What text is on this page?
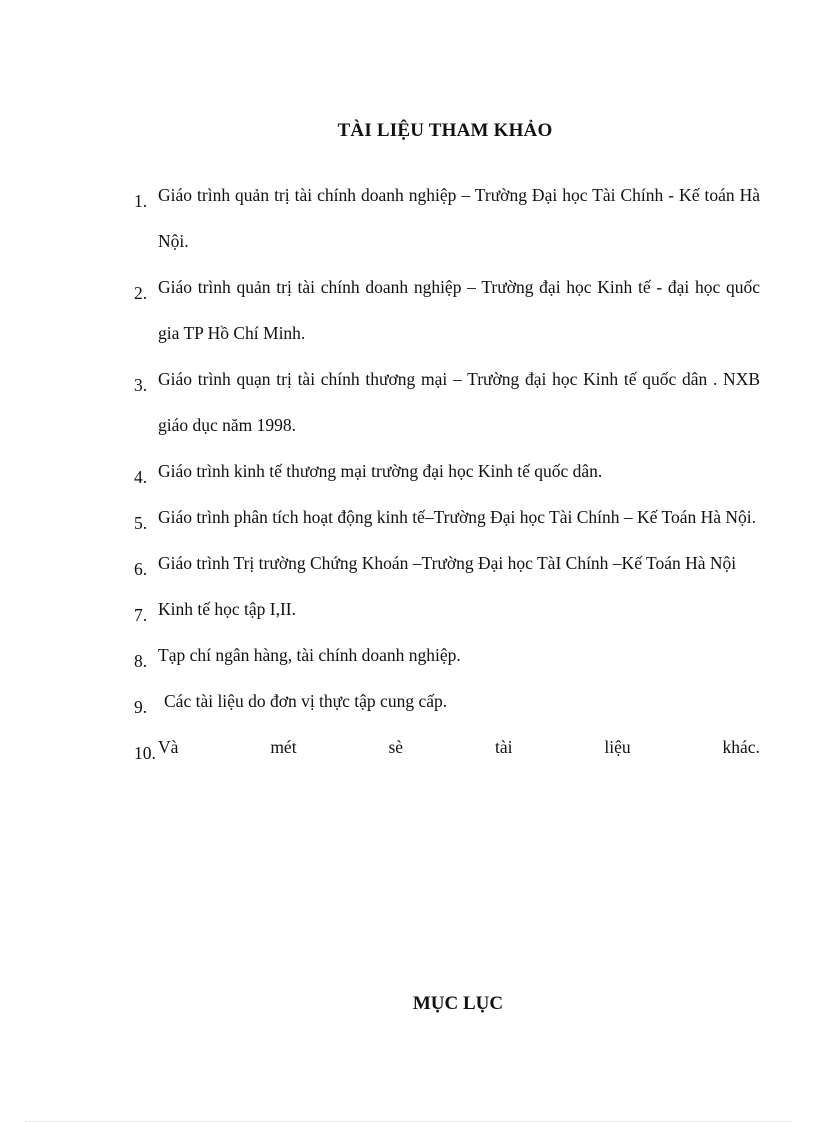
TÀI LIỆU THAM KHẢO
1. Giáo trình quản trị tài chính doanh nghiệp – Trường Đại học Tài Chính - Kế toán Hà Nội.
2. Giáo trình quản trị tài chính doanh nghiệp – Trường đại học Kinh tế - đại học quốc gia TP Hồ Chí Minh.
3. Giáo trình quạn trị tài chính thương mại – Trường đại học Kinh tế quốc dân . NXB giáo dục năm 1998.
4. Giáo trình kinh tế thương mại trường đại học Kinh tế quốc dân.
5. Giáo trình phân tích hoạt động kinh tế–Trường Đại học Tài Chính – Kế Toán Hà Nội.
6. Giáo trình Trị trường Chứng Khoán –Trường Đại học TàI Chính –Kế Toán Hà Nội
7. Kinh tế học tập I,II.
8. Tạp chí ngân hàng, tài chính doanh nghiệp.
9. Các tài liệu do đơn vị thực tập cung cấp.
10. Và	mét	sè	tài	liệu	khác.
MỤC LỤC
